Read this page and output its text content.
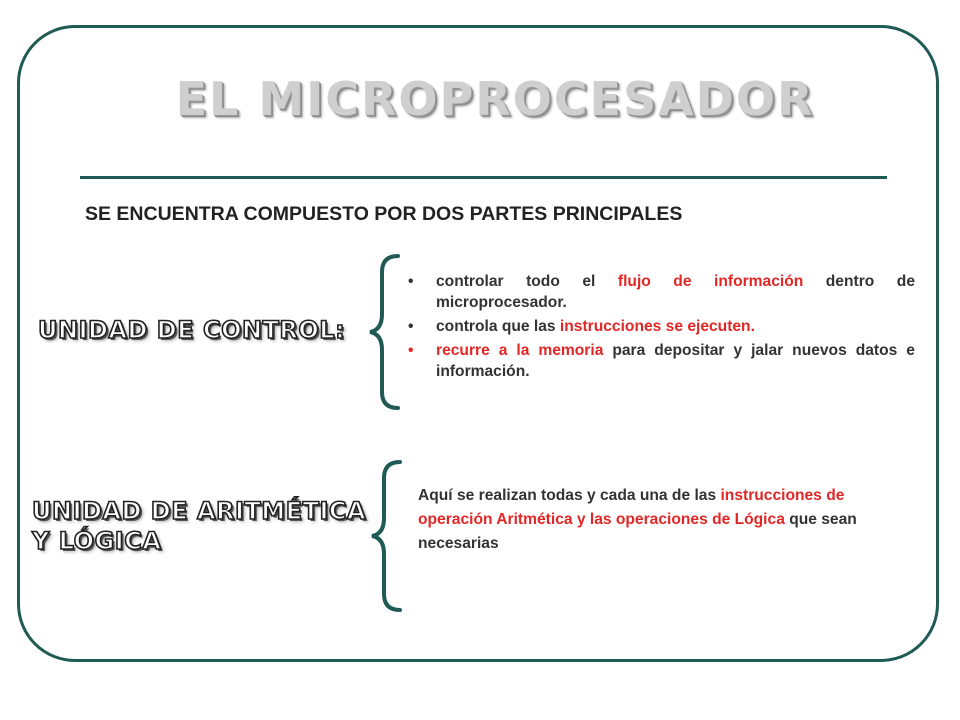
EL MICROPROCESADOR

SE ENCUENTRA COMPUESTO POR DOS PARTES PRINCIPALES

UNIDAD DE CONTROL:
• controlar todo el flujo de información dentro de microprocesador.
• controla que las instrucciones se ejecuten.
• recurre a la memoria para depositar y jalar nuevos datos e información.
UNIDAD DE ARITMÉTICA Y LÓGICA

Aquí se realizan todas y cada una de las instrucciones de operación Aritmética y las operaciones de Lógica que sean necesarias
